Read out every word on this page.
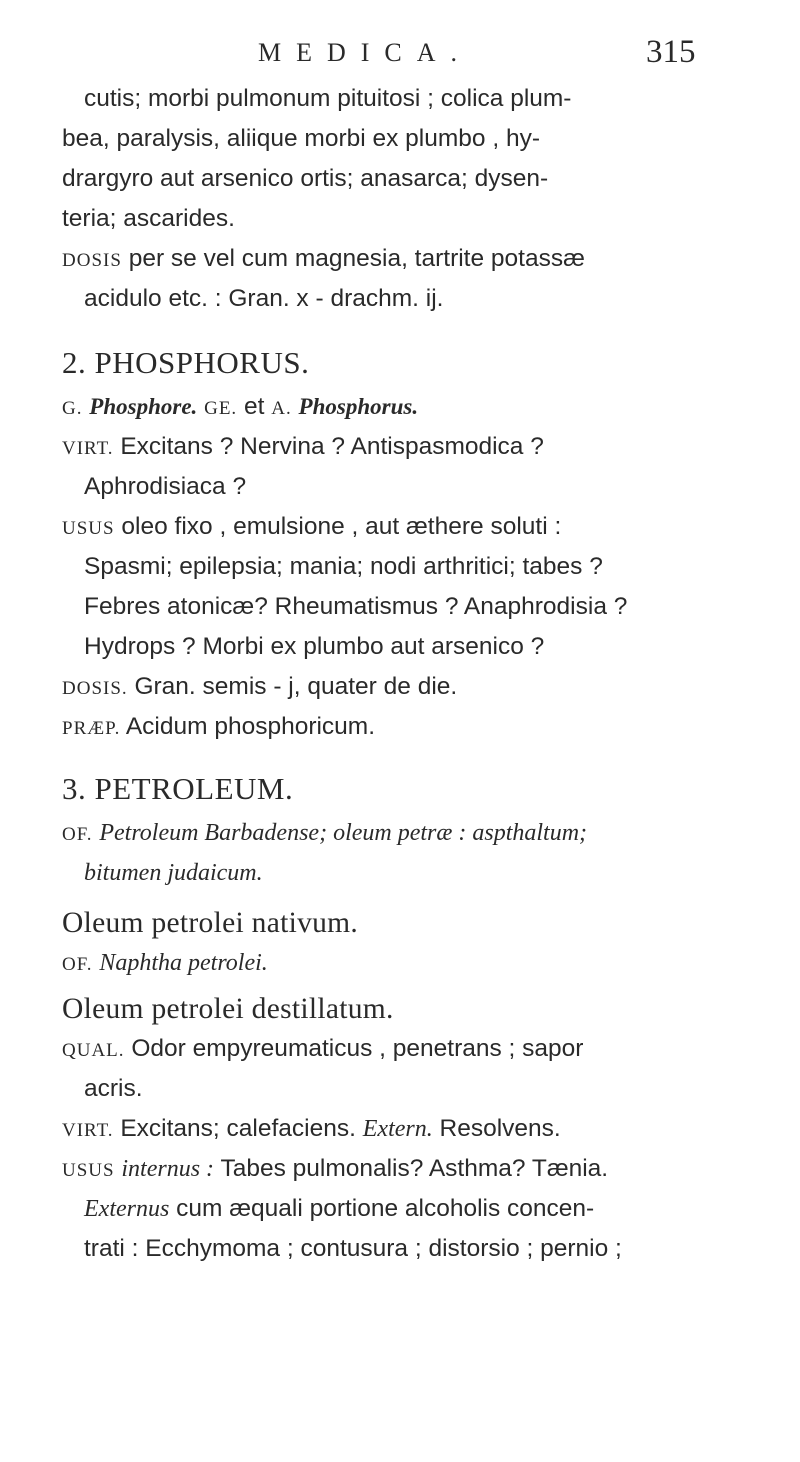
MEDICA.	315
cutis; morbi pulmonum pituitosi ; colica plum-
bea, paralysis, aliique morbi ex plumbo , hy-
drargyro aut arsenico ortis; anasarca; dysen-
teria; ascarides.
DOSIS per se vel cum magnesia, tartrite potassæ
acidulo etc. : Gran. x - drachm. ij.
2. PHOSPHORUS.
G. Phosphore. GE. et A. Phosphorus.
VIRT. Excitans ? Nervina ? Antispasmodica ?
Aphrodisiaca ?
USUS oleo fixo , emulsione , aut æthere soluti :
Spasmi; epilepsia; mania; nodi arthritici; tabes ?
Febres atonicæ? Rheumatismus ? Anaphrodisia ?
Hydrops ? Morbi ex plumbo aut arsenico ?
DOSIS. Gran. semis - j, quater de die.
PRÆP. Acidum phosphoricum.
3. PETROLEUM.
OF. Petroleum Barbadense; oleum petræ : aspthaltum;
bitumen judaicum.
Oleum petrolei nativum.
OF. Naphtha petrolei.
Oleum petrolei destillatum.
QUAL. Odor empyreumaticus , penetrans ; sapor
acris.
VIRT. Excitans; calefaciens. Extern. Resolvens.
USUS internus : Tabes pulmonalis? Asthma? Tænia.
Externus cum æquali portione alcoholis concen-
trati : Ecchymoma ; contusura ; distorsio ; pernio ;
